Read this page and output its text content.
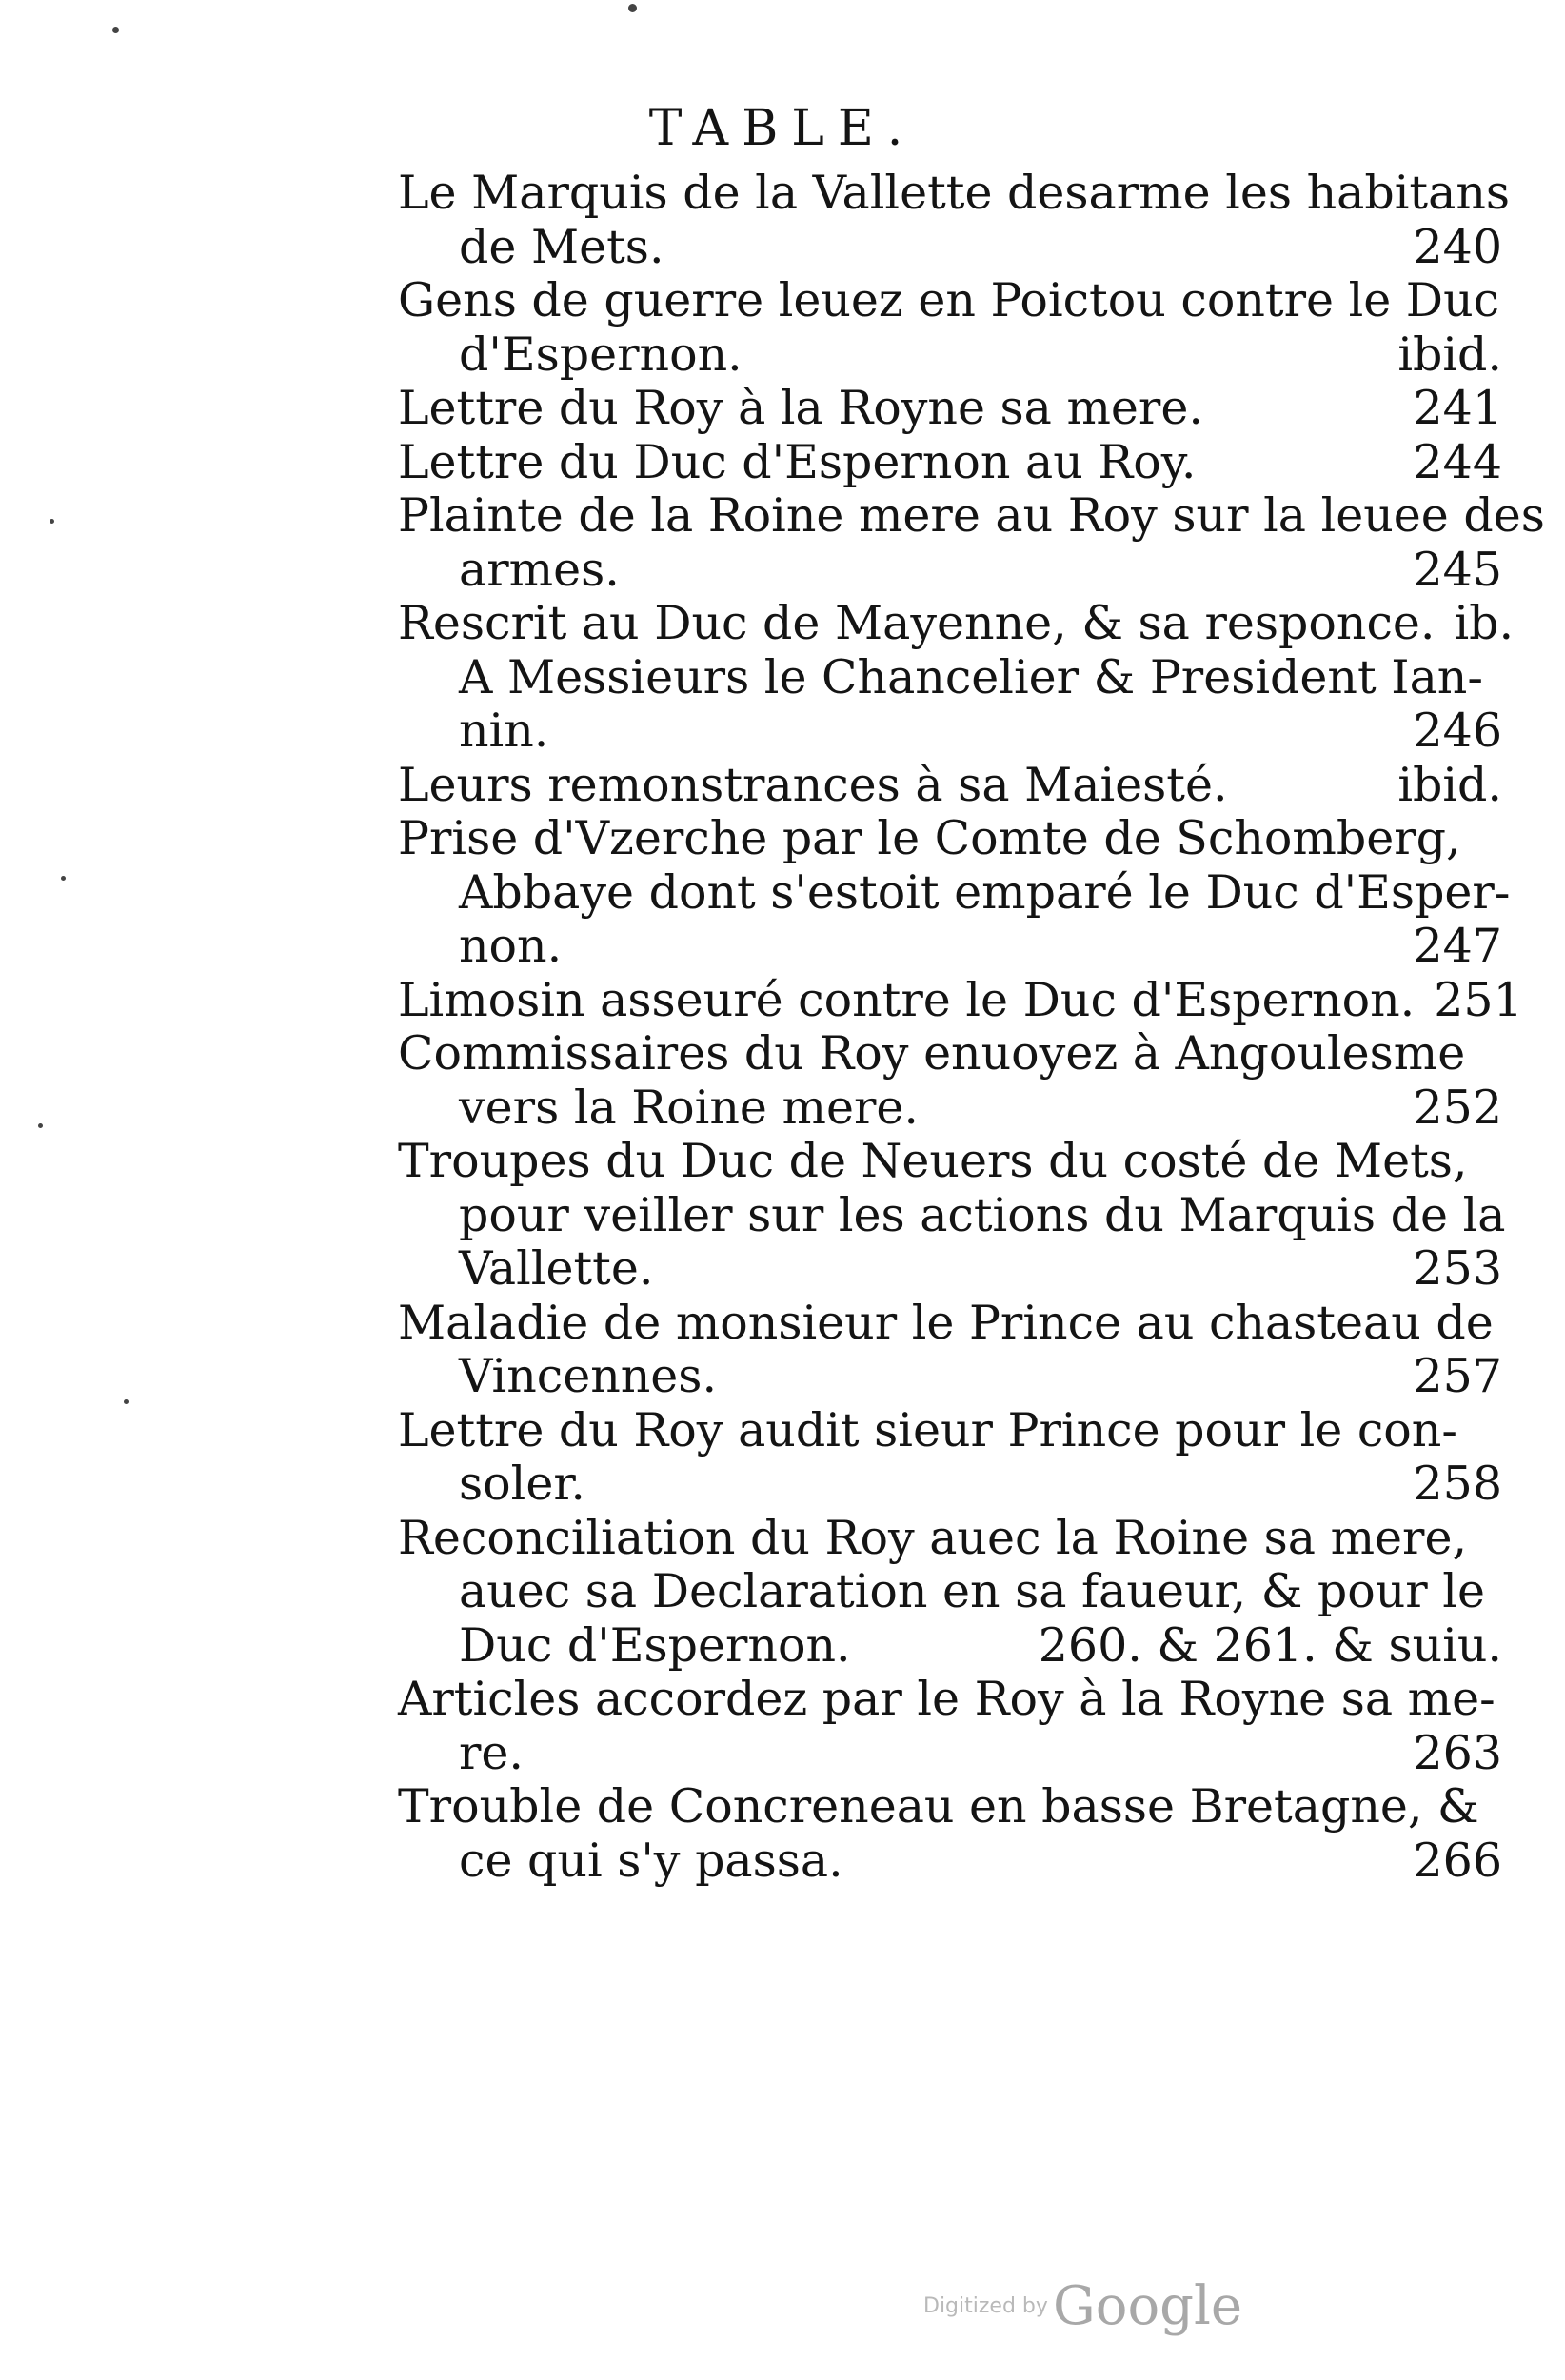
TABLE.
Le Marquis de la Vallette desarme les habitans
de Mets.	240
Gens de guerre leuez en Poictou contre le Duc
d'Espernon.	ibid.
Lettre du Roy à la Royne sa mere.	241
Lettre du Duc d'Espernon au Roy.	244
Plainte de la Roine mere au Roy sur la leuee des
armes.	245
Rescrit au Duc de Mayenne, & sa responce. ib.
A Messieurs le Chancelier & President Ian-
nin.	246
Leurs remonstrances à sa Maiesté.	ibid.
Prise d'Vzerche par le Comte de Schomberg,
Abbaye dont s'estoit emparé le Duc d'Esper-
non.	247
Limosin asseuré contre le Duc d'Espernon. 251
Commissaires du Roy enuoyez à Angoulesme
vers la Roine mere.	252
Troupes du Duc de Neuers du costé de Mets,
pour veiller sur les actions du Marquis de la
Vallette.	253
Maladie de monsieur le Prince au chasteau de
Vincennes.	257
Lettre du Roy audit sieur Prince pour le con-
soler.	258
Reconciliation du Roy auec la Roine sa mere,
auec sa Declaration en sa faueur, & pour le
Duc d'Espernon.	260. & 261. & suiu.
Articles accordez par le Roy à la Royne sa me-
re.	263
Trouble de Concreneau en basse Bretagne, &
ce qui s'y passa.	266
Digitized by Google
